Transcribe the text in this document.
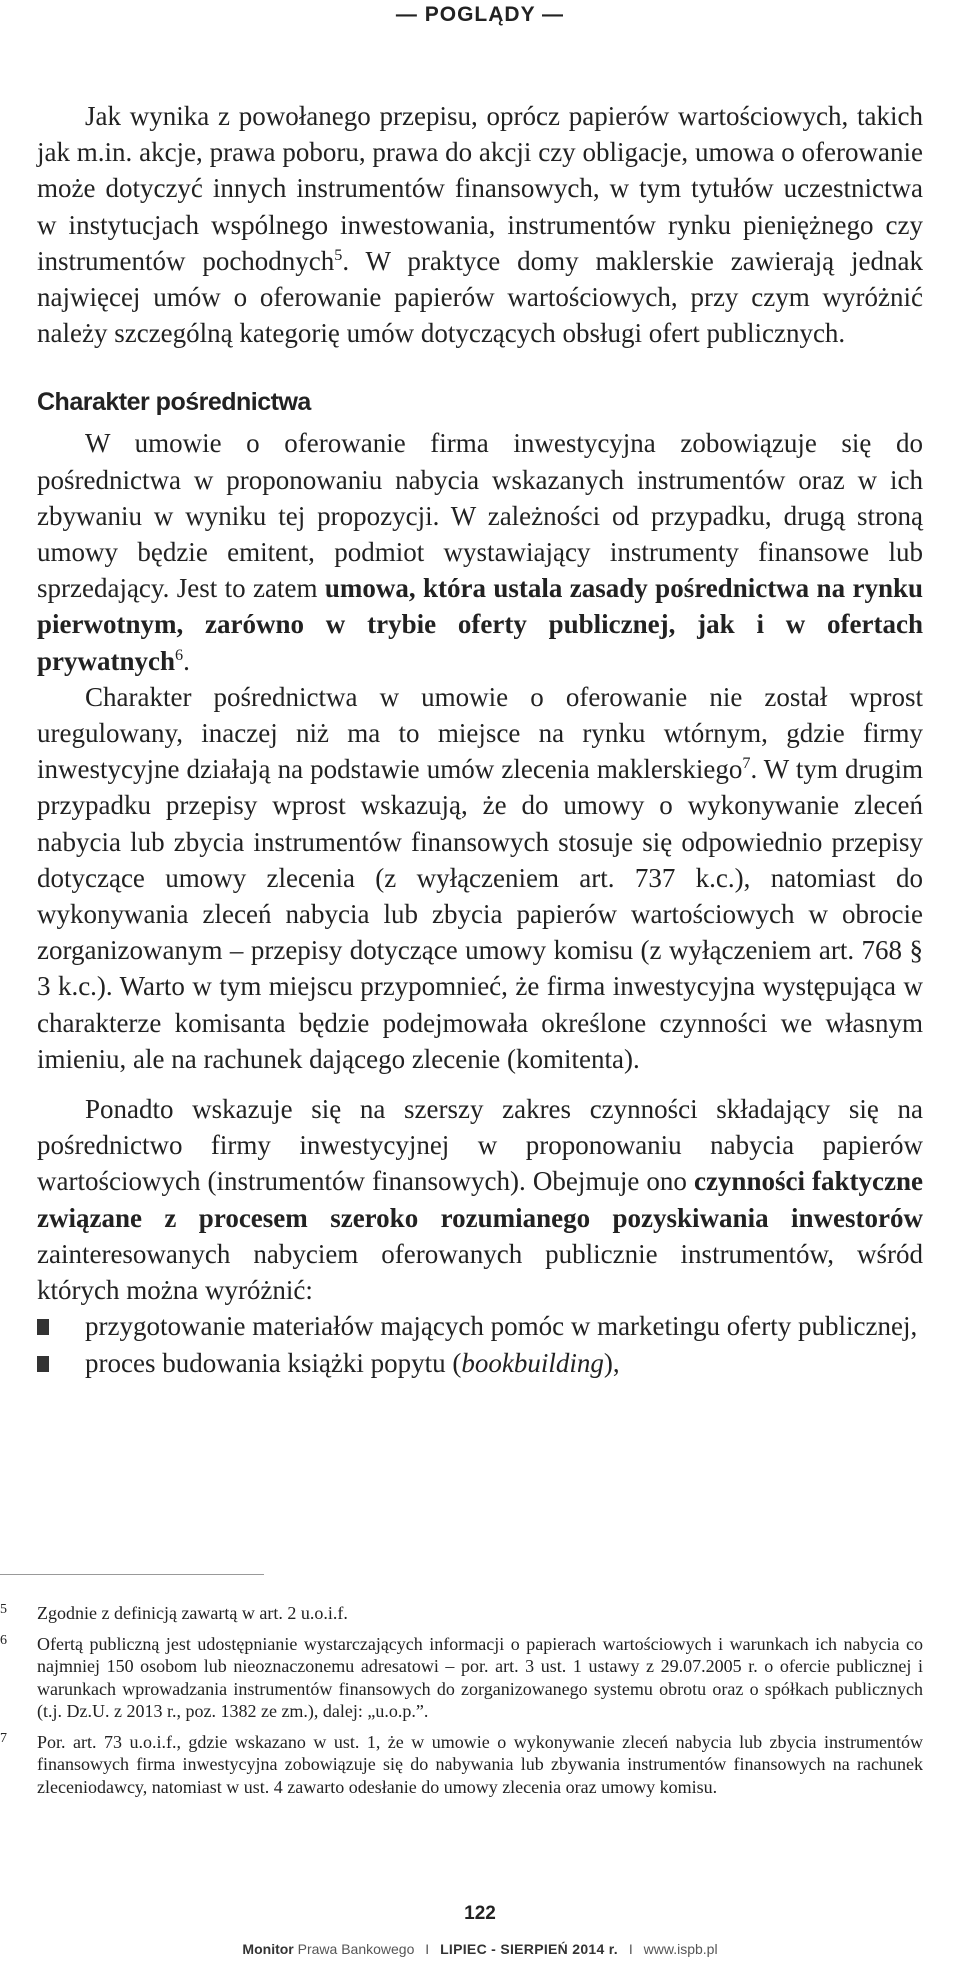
— POGLĄDY —

Jak wynika z powołanego przepisu, oprócz papierów wartościowych, takich jak m.in. akcje, prawa poboru, prawa do akcji czy obligacje, umowa o oferowanie może dotyczyć innych instrumentów finansowych, w tym tytułów uczestnictwa w instytucjach wspólnego inwestowania, instrumentów rynku pieniężnego czy instrumentów pochodnych$^5$. W praktyce domy maklerskie zawierają jednak najwięcej umów o oferowanie papierów wartościowych, przy czym wyróżnić należy szczególną kategorię umów dotyczących obsługi ofert publicznych.

Charakter pośrednictwa

W umowie o oferowanie firma inwestycyjna zobowiązuje się do pośrednictwa w proponowaniu nabycia wskazanych instrumentów oraz w ich zbywaniu w wyniku tej propozycji. W zależności od przypadku, drugą stroną umowy będzie emitent, podmiot wystawiający instrumenty finansowe lub sprzedający. Jest to zatem umowa, która ustala zasady pośrednictwa na rynku pierwotnym, zarówno w trybie oferty publicznej, jak i w ofertach prywatnych$^6$.

Charakter pośrednictwa w umowie o oferowanie nie został wprost uregulowany, inaczej niż ma to miejsce na rynku wtórnym, gdzie firmy inwestycyjne działają na podstawie umów zlecenia maklerskiego$^7$. W tym drugim przypadku przepisy wprost wskazują, że do umowy o wykonywanie zleceń nabycia lub zbycia instrumentów finansowych stosuje się odpowiednio przepisy dotyczące umowy zlecenia (z wyłączeniem art. 737 k.c.), natomiast do wykonywania zleceń nabycia lub zbycia papierów wartościowych w obrocie zorganizowanym – przepisy dotyczące umowy komisu (z wyłączeniem art. 768 § 3 k.c.). Warto w tym miejscu przypomnieć, że firma inwestycyjna występująca w charakterze komisanta będzie podejmowała określone czynności we własnym imieniu, ale na rachunek dającego zlecenie (komitenta).

Ponadto wskazuje się na szerszy zakres czynności składający się na pośrednictwo firmy inwestycyjnej w proponowaniu nabycia papierów wartościowych (instrumentów finansowych). Obejmuje ono czynności faktyczne związane z procesem szeroko rozumianego pozyskiwania inwestorów zainteresowanych nabyciem oferowanych publicznie instrumentów, wśród których można wyróżnić:

przygotowanie materiałów mających pomóc w marketingu oferty publicznej,
proces budowania książki popytu (bookbuilding),
5 Zgodnie z definicją zawartą w art. 2 u.o.i.f.
6 Ofertą publiczną jest udostępnianie wystarczających informacji o papierach wartościowych i warunkach ich nabycia co najmniej 150 osobom lub nieoznaczonemu adresatowi – por. art. 3 ust. 1 ustawy z 29.07.2005 r. o ofercie publicznej i warunkach wprowadzania instrumentów finansowych do zorganizowanego systemu obrotu oraz o spółkach publicznych (t.j. Dz.U. z 2013 r., poz. 1382 ze zm.), dalej: „u.o.p.”.
7 Por. art. 73 u.o.i.f., gdzie wskazano w ust. 1, że w umowie o wykonywanie zleceń nabycia lub zbycia instrumentów finansowych firma inwestycyjna zobowiązuje się do nabywania lub zbywania instrumentów finansowych na rachunek zleceniodawcy, natomiast w ust. 4 zawarto odesłanie do umowy zlecenia oraz umowy komisu.
122
Monitor Prawa Bankowego I LIPIEC - SIERPIEŃ 2014 r. I www.ispb.pl
